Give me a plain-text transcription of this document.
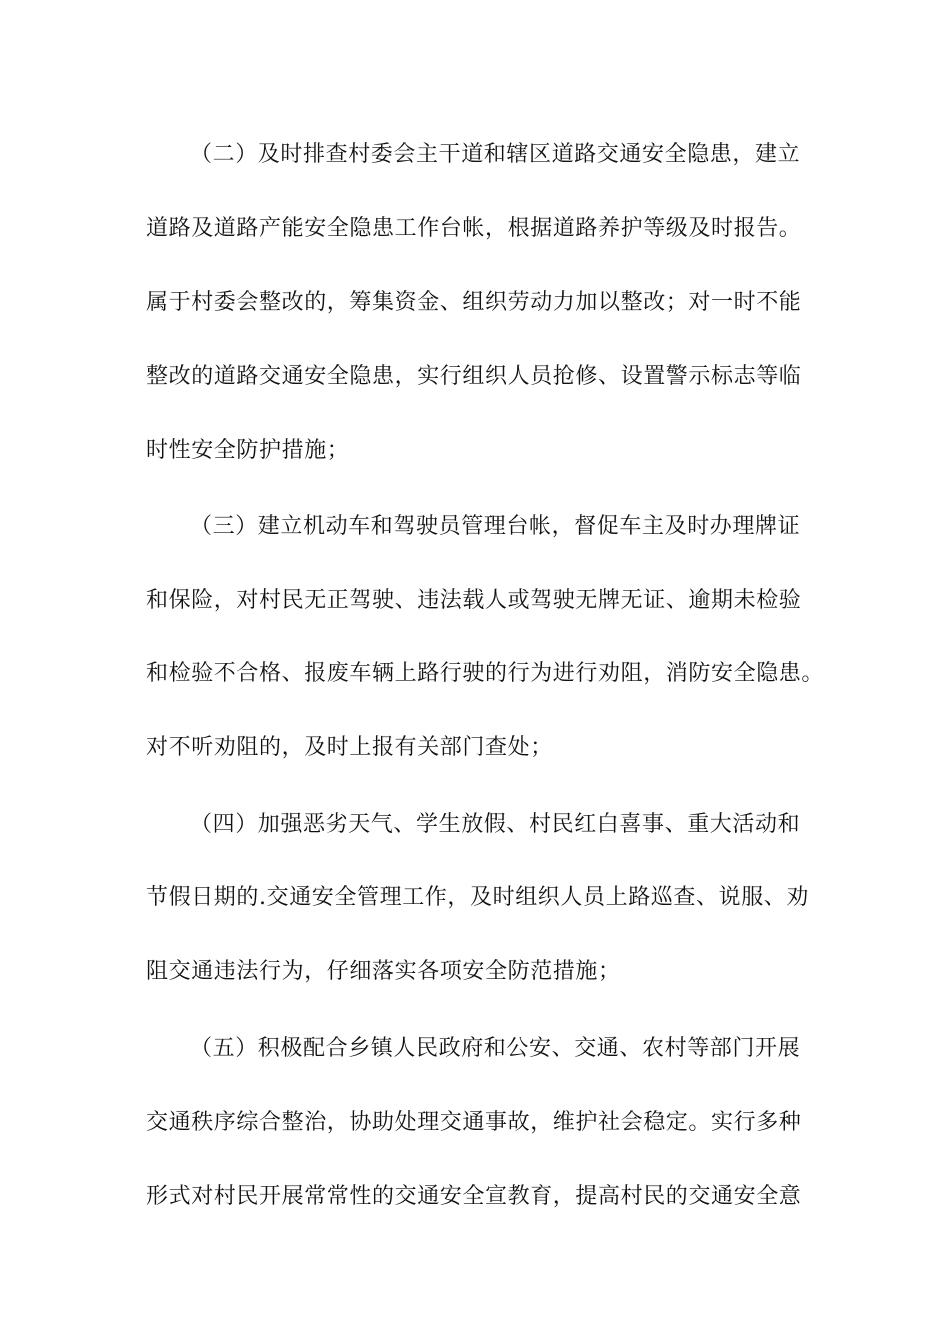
（二）及时排查村委会主干道和辖区道路交通安全隐患，建立
道路及道路产能安全隐患工作台帐，根据道路养护等级及时报告。
属于村委会整改的，筹集资金、组织劳动力加以整改；对一时不能
整改的道路交通安全隐患，实行组织人员抢修、设置警示标志等临
时性安全防护措施；
（三）建立机动车和驾驶员管理台帐，督促车主及时办理牌证
和保险，对村民无正驾驶、违法载人或驾驶无牌无证、逾期未检验
和检验不合格、报废车辆上路行驶的行为进行劝阻，消防安全隐患。
对不听劝阻的，及时上报有关部门查处；
（四）加强恶劣天气、学生放假、村民红白喜事、重大活动和
节假日期的.交通安全管理工作，及时组织人员上路巡查、说服、劝
阻交通违法行为，仔细落实各项安全防范措施；
（五）积极配合乡镇人民政府和公安、交通、农村等部门开展
交通秩序综合整治，协助处理交通事故，维护社会稳定。实行多种
形式对村民开展常常性的交通安全宣教育，提高村民的交通安全意
